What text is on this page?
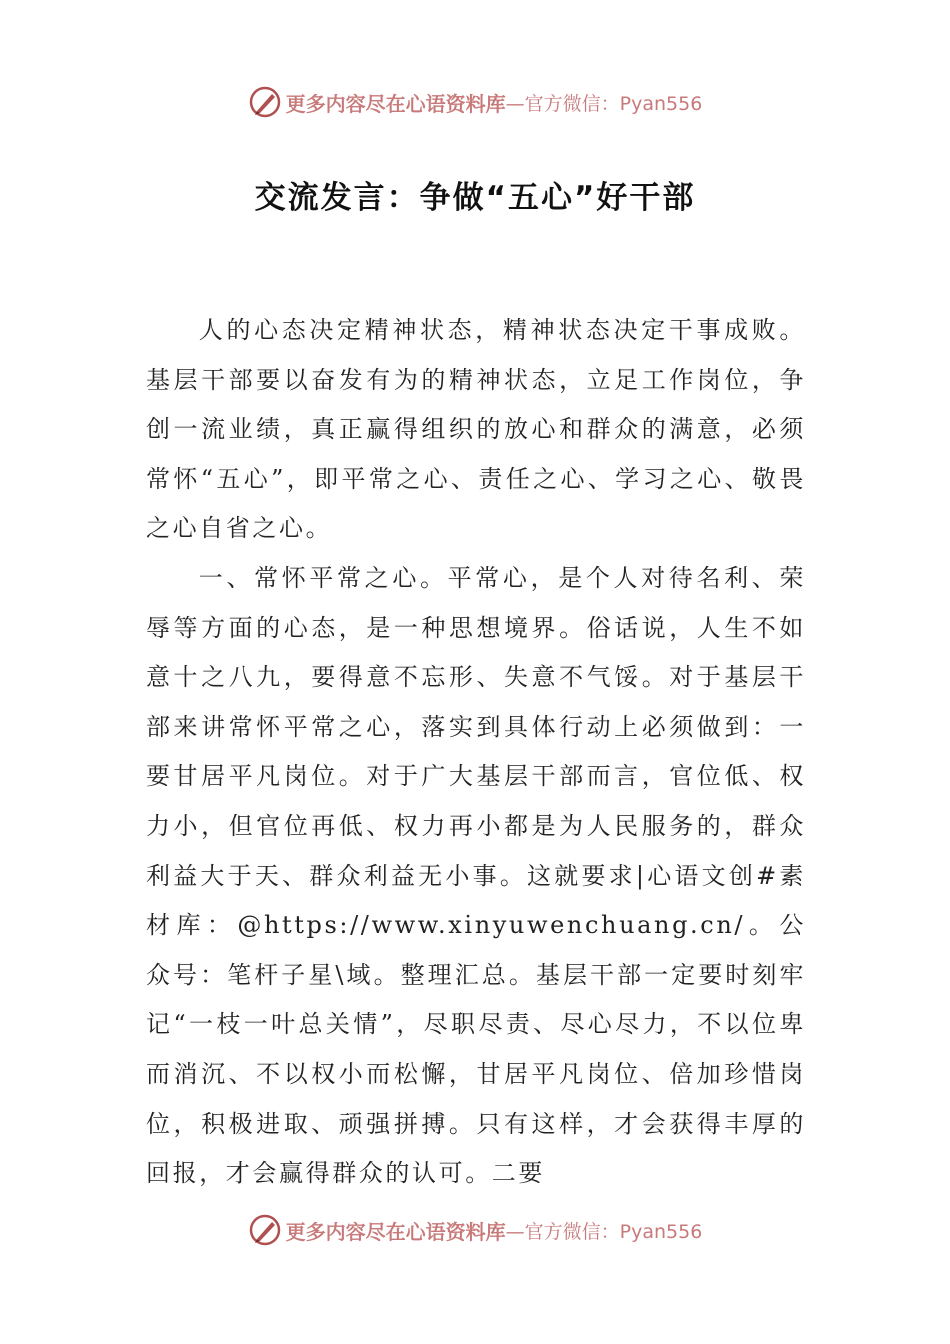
更多内容尽在心语资料库 —官方微信：Pyan556
交流发言：争做“五心”好干部

人的心态决定精神状态，精神状态决定干事成败。基层干部要以奋发有为的精神状态，立足工作岗位，争创一流业绩，真正赢得组织的放心和群众的满意，必须常怀“五心”，即平常之心、责任之心、学习之心、敬畏之心自省之心。

一、常怀平常之心。平常心，是个人对待名利、荣辱等方面的心态，是一种思想境界。俗话说，人生不如意十之八九，要得意不忘形、失意不气馁。对于基层干部来讲常怀平常之心，落实到具体行动上必须做到：一要甘居平凡岗位。对于广大基层干部而言，官位低、权力小，但官位再低、权力再小都是为人民服务的，群众利益大于天、群众利益无小事。这就要求|心语文创#素材库：@https://www.xinyuwenchuang.cn/。公众号：笔杆子星\域。整理汇总。基层干部一定要时刻牢记“一枝一叶总关情”，尽职尽责、尽心尽力，不以位卑而消沉、不以权小而松懈，甘居平凡岗位、倍加珍惜岗位，积极进取、顽强拼搏。只有这样，才会获得丰厚的回报，才会赢得群众的认可。二要

更多内容尽在心语资料库 —官方微信：Pyan556
